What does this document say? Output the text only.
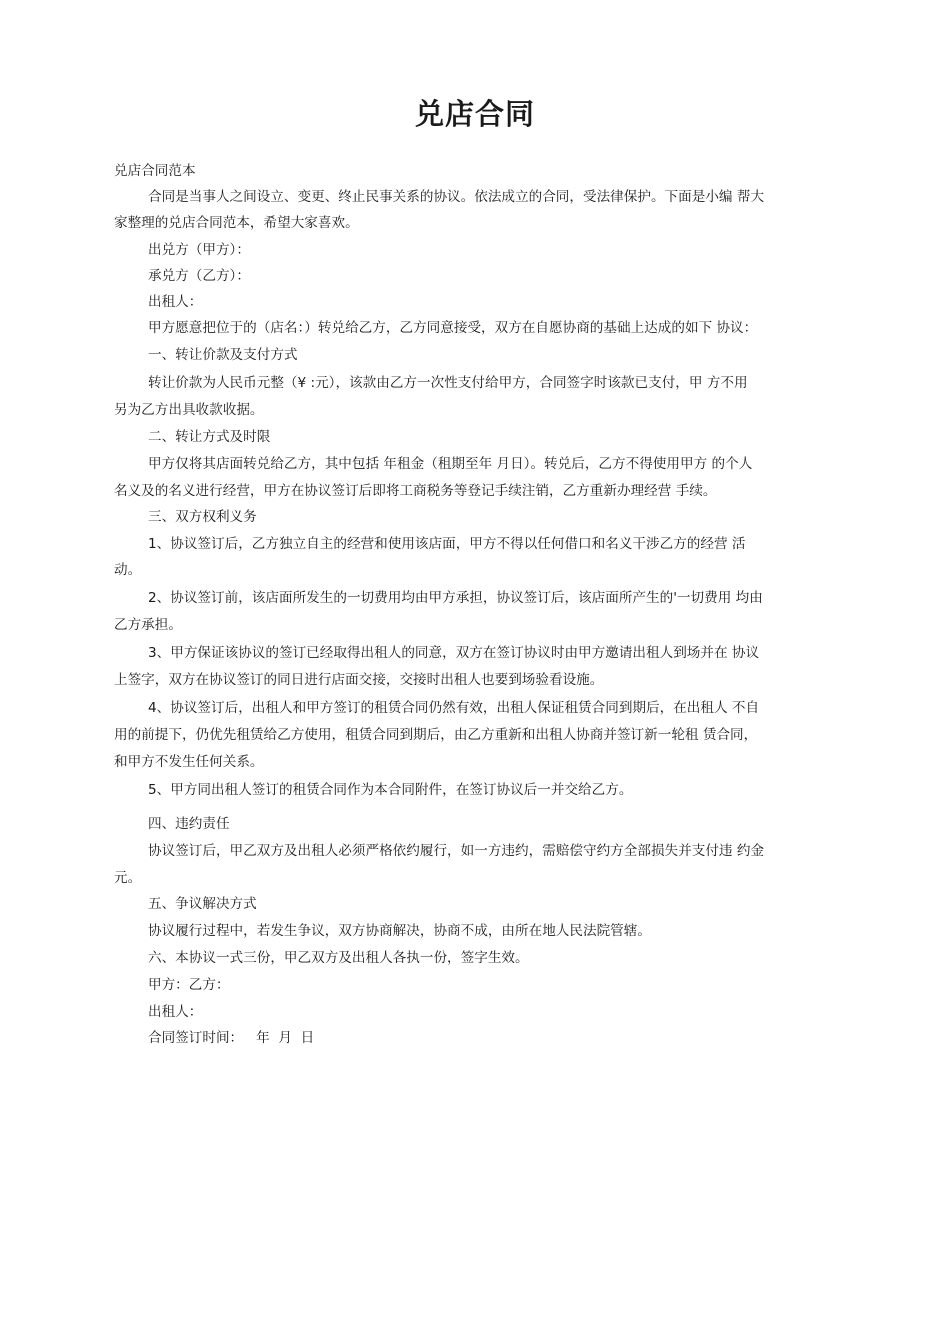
兑店合同
兑店合同范本
合同是当事人之间设立、变更、终止民事关系的协议。依法成立的合同，受法律保护。下面是小编 帮大
家整理的兑店合同范本，希望大家喜欢。
出兑方（甲方）：
承兑方（乙方）：
出租人：
甲方愿意把位于的（店名：）转兑给乙方，乙方同意接受，双方在自愿协商的基础上达成的如下 协议：
一、转让价款及支付方式
转让价款为人民币元整（¥ :元），该款由乙方一次性支付给甲方，合同签字时该款已支付，甲 方不用
另为乙方出具收款收据。
二、转让方式及时限
甲方仅将其店面转兑给乙方，其中包括 年租金（租期至年 月日）。转兑后，乙方不得使用甲方 的个人
名义及的名义进行经营，甲方在协议签订后即将工商税务等登记手续注销，乙方重新办理经营 手续。
三、双方权利义务
1、协议签订后，乙方独立自主的经营和使用该店面，甲方不得以任何借口和名义干涉乙方的经营 活
动。
2、协议签订前，该店面所发生的一切费用均由甲方承担，协议签订后，该店面所产生的'一切费用 均由
乙方承担。
3、甲方保证该协议的签订已经取得出租人的同意，双方在签订协议时由甲方邀请出租人到场并在 协议
上签字，双方在协议签订的同日进行店面交接，交接时出租人也要到场验看设施。
4、协议签订后，出租人和甲方签订的租赁合同仍然有效，出租人保证租赁合同到期后，在出租人 不自
用的前提下，仍优先租赁给乙方使用，租赁合同到期后，由乙方重新和出租人协商并签订新一轮租 赁合同，
和甲方不发生任何关系。
5、甲方同出租人签订的租赁合同作为本合同附件，在签订协议后一并交给乙方。
四、违约责任
协议签订后，甲乙双方及出租人必须严格依约履行，如一方违约，需赔偿守约方全部损失并支付违 约金
元。
五、争议解决方式
协议履行过程中，若发生争议，双方协商解决，协商不成，由所在地人民法院管辖。
六、本协议一式三份，甲乙双方及出租人各执一份，签字生效。
甲方：乙方：
出租人：
合同签订时间：   年  月  日
